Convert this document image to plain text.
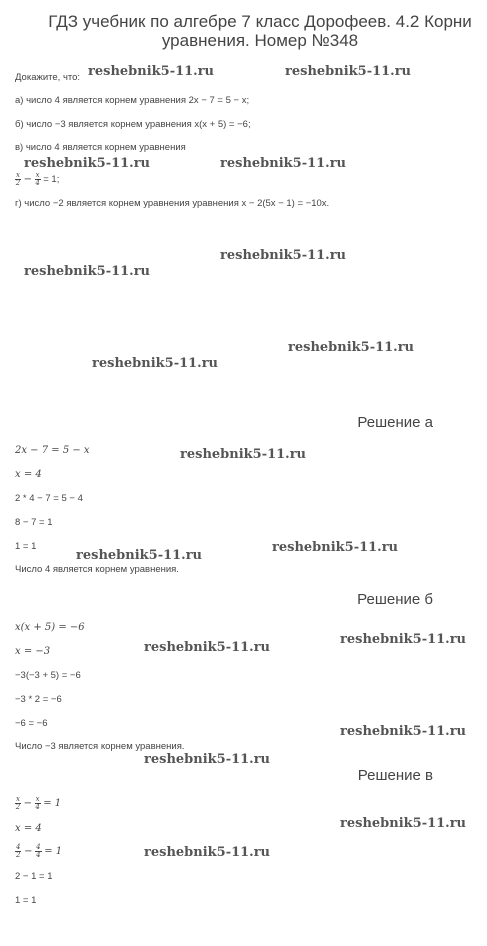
ГДЗ учебник по алгебре 7 класс Дорофеев. 4.2 Корни уравнения. Номер №348
Докажите, что:
а) число 4 является корнем уравнения 2x − 7 = 5 − x;
б) число −3 является корнем уравнения x(x + 5) = −6;
в) число 4 является корнем уравнения
$\frac{x}{2} - \frac{x}{4} = 1$;
г) число −2 является корнем уравнения уравнения x − 2(5x − 1) = −10x.
Решение а
2x − 7 = 5 − x
x = 4
2 * 4 − 7 = 5 − 4
8 − 7 = 1
1 = 1
Число 4 является корнем уравнения.
Решение б
x(x + 5) = −6
x = −3
−3(−3 + 5) = −6
−3 * 2 = −6
−6 = −6
Число −3 является корнем уравнения.
Решение в
$\frac{x}{2} - \frac{x}{4} = 1$
x = 4
$\frac{4}{2} - \frac{4}{4} = 1$
2 − 1 = 1
1 = 1
reshebnik5-11.ru	reshebnik5-11.ru
reshebnik5-11.ru	reshebnik5-11.ru
reshebnik5-11.ru
reshebnik5-11.ru
reshebnik5-11.ru
reshebnik5-11.ru
reshebnik5-11.ru
reshebnik5-11.ru
reshebnik5-11.ru
reshebnik5-11.ru
reshebnik5-11.ru
reshebnik5-11.ru
reshebnik5-11.ru
reshebnik5-11.ru
reshebnik5-11.ru
